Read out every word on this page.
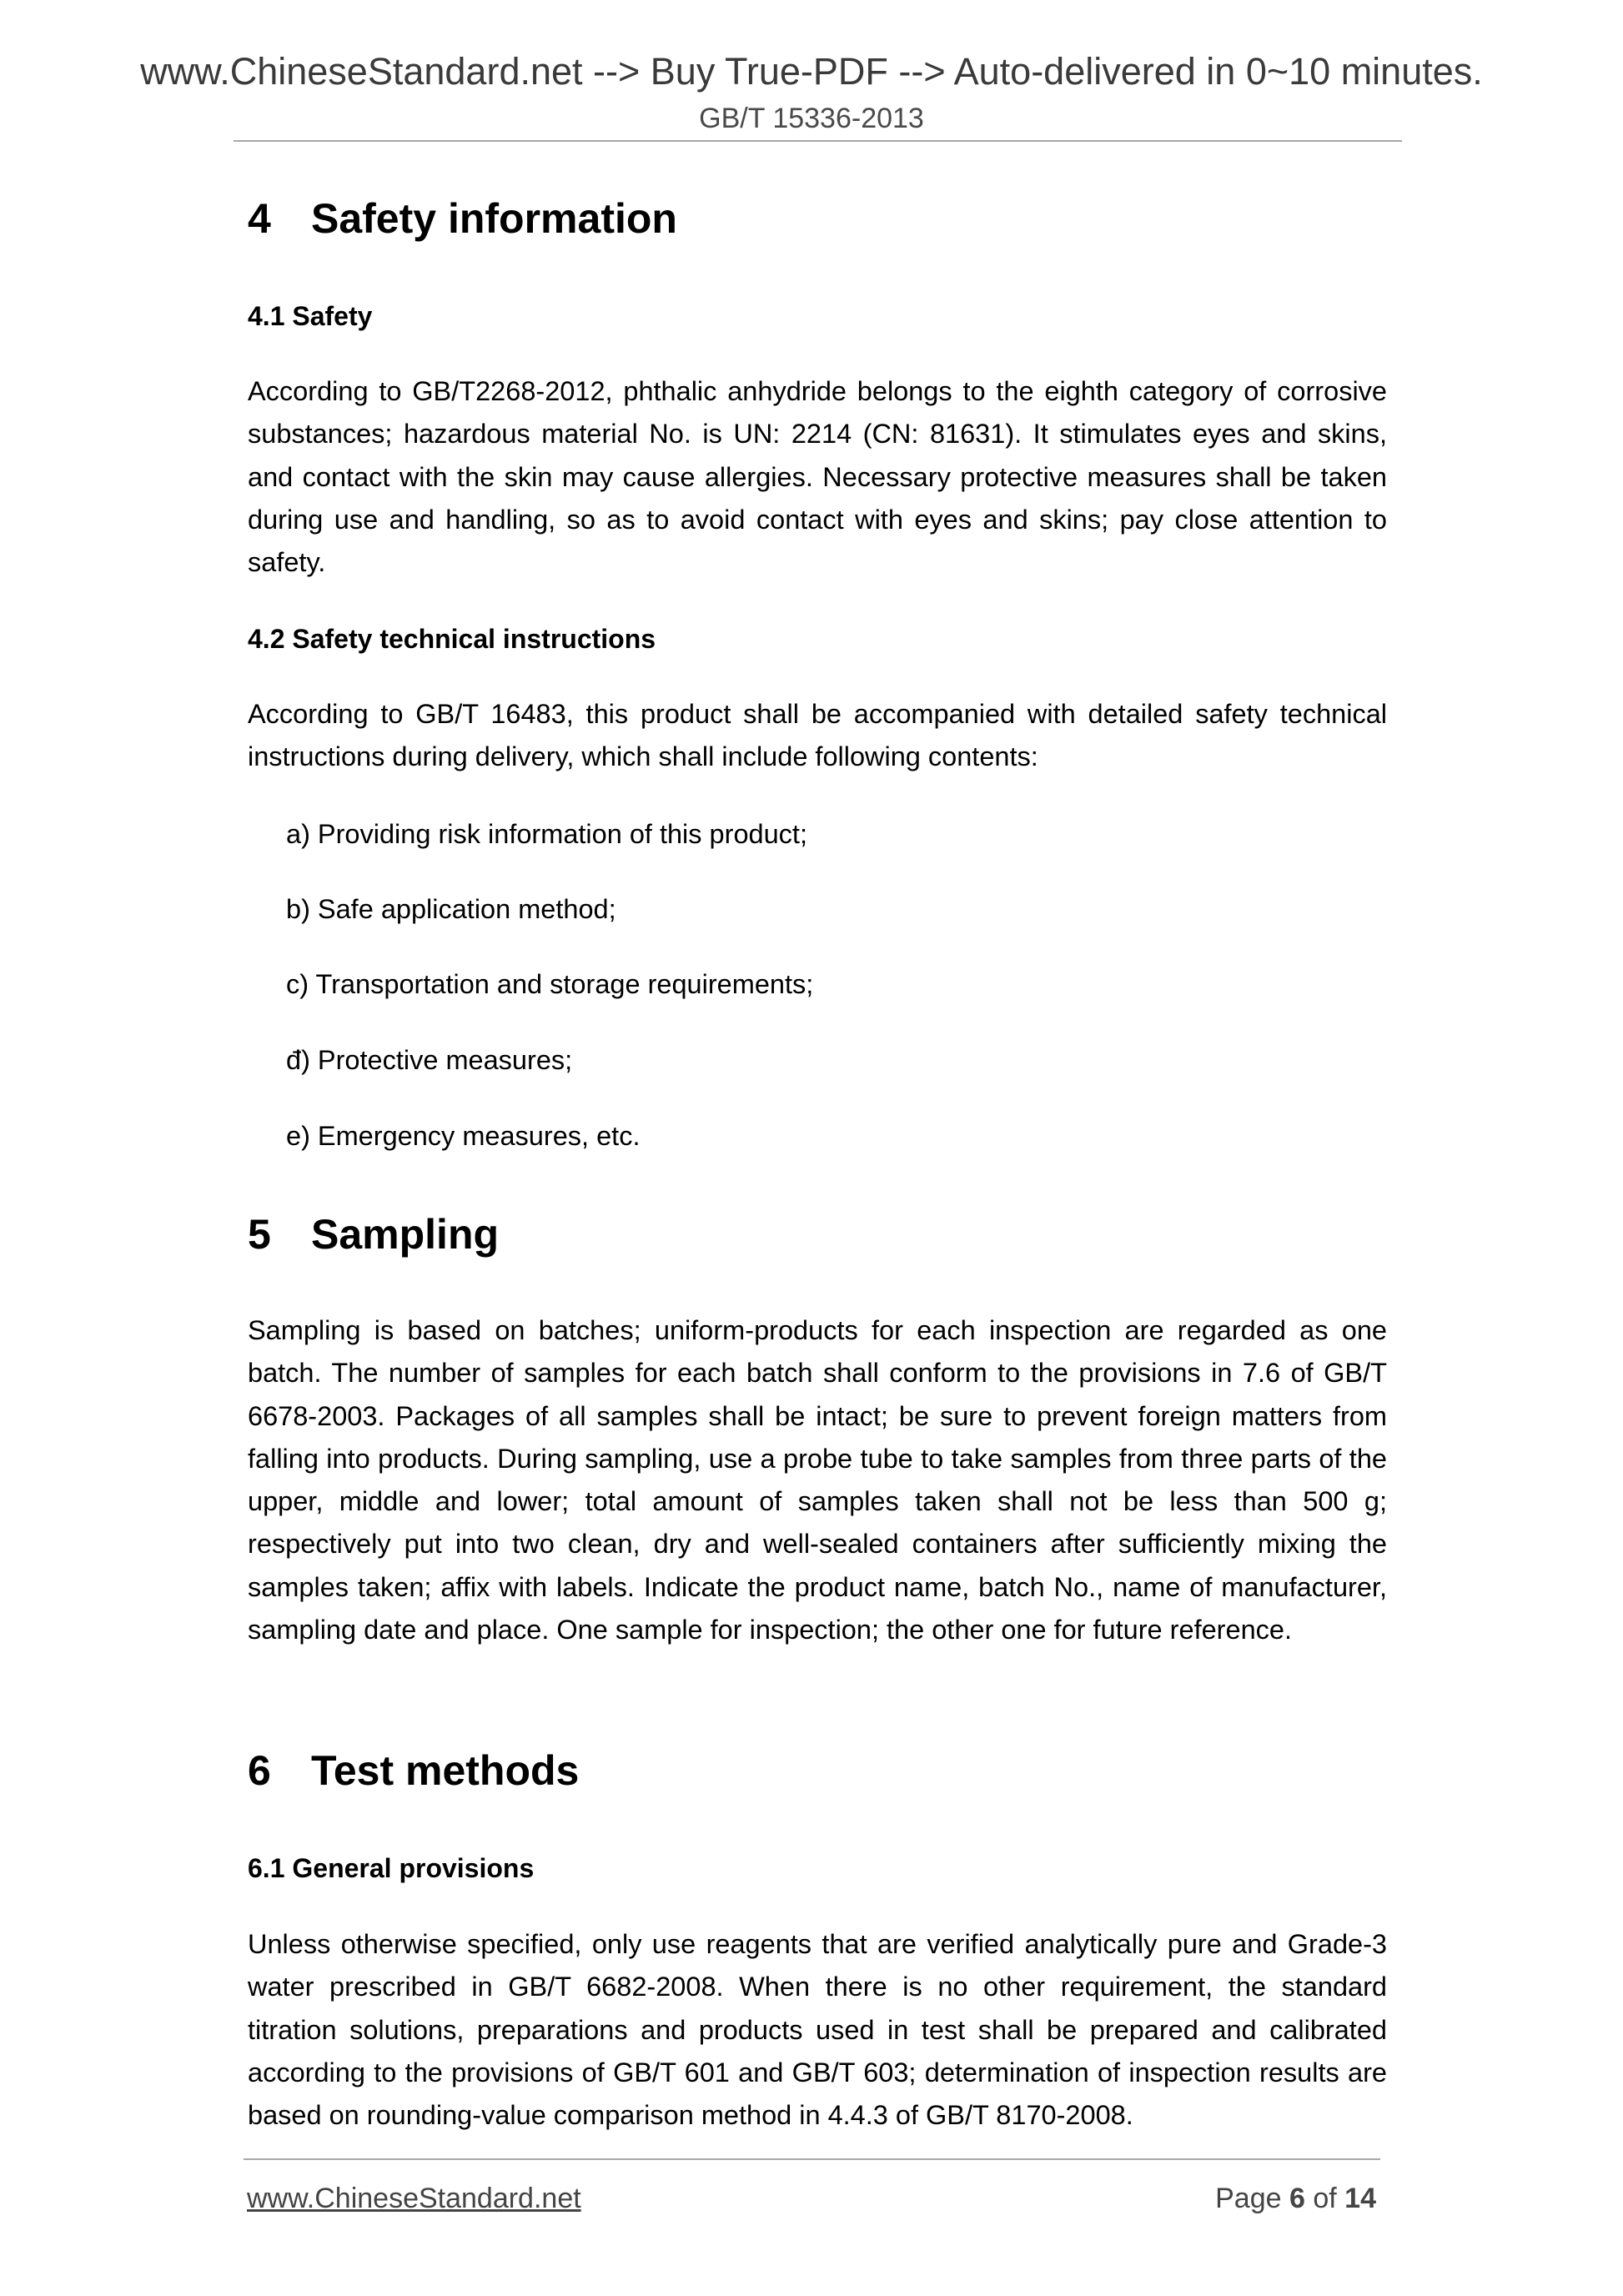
www.ChineseStandard.net --> Buy True-PDF --> Auto-delivered in 0~10 minutes.
GB/T 15336-2013
4 Safety information
4.1 Safety
According to GB/T2268-2012, phthalic anhydride belongs to the eighth category of corrosive substances; hazardous material No. is UN: 2214 (CN: 81631). It stimulates eyes and skins, and contact with the skin may cause allergies. Necessary protective measures shall be taken during use and handling, so as to avoid contact with eyes and skins; pay close attention to safety.
4.2 Safety technical instructions
According to GB/T 16483, this product shall be accompanied with detailed safety technical instructions during delivery, which shall include following contents:
a) Providing risk information of this product;
b) Safe application method;
c) Transportation and storage requirements;
đ) Protective measures;
e) Emergency measures, etc.
5 Sampling
Sampling is based on batches; uniform-products for each inspection are regarded as one batch. The number of samples for each batch shall conform to the provisions in 7.6 of GB/T 6678-2003. Packages of all samples shall be intact; be sure to prevent foreign matters from falling into products. During sampling, use a probe tube to take samples from three parts of the upper, middle and lower; total amount of samples taken shall not be less than 500 g; respectively put into two clean, dry and well-sealed containers after sufficiently mixing the samples taken; affix with labels. Indicate the product name, batch No., name of manufacturer, sampling date and place. One sample for inspection; the other one for future reference.
6 Test methods
6.1 General provisions
Unless otherwise specified, only use reagents that are verified analytically pure and Grade-3 water prescribed in GB/T 6682-2008. When there is no other requirement, the standard titration solutions, preparations and products used in test shall be prepared and calibrated according to the provisions of GB/T 601 and GB/T 603; determination of inspection results are based on rounding-value comparison method in 4.4.3 of GB/T 8170-2008.
www.ChineseStandard.net	Page 6 of 14
